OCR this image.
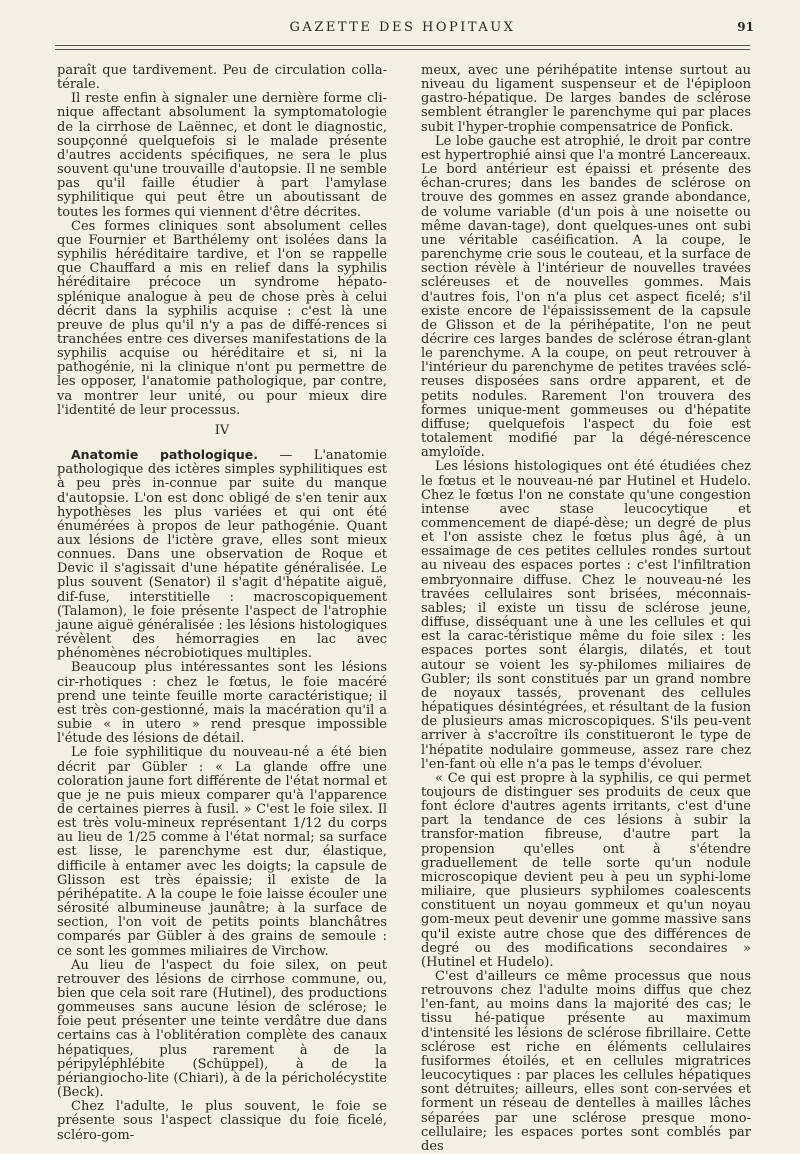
GAZETTE DES HOPITAUX	91

paraît que tardivement. Peu de circulation colla-térale.

Il reste enfin à signaler une dernière forme cli-nique affectant absolument la symptomatologie de la cirrhose de Laënnec, et dont le diagnostic, soupçonné quelquefois si le malade présente d'autres accidents spécifiques, ne sera le plus souvent qu'une trouvaille d'autopsie. Il ne semble pas qu'il faille étudier à part l'amylase syphilitique qui peut être un aboutissant de toutes les formes qui viennent d'être décrites.

Ces formes cliniques sont absolument celles que Fournier et Barthélemy ont isolées dans la syphilis héréditaire tardive, et l'on se rappelle que Chauffard a mis en relief dans la syphilis héréditaire précoce un syndrome hépato-splénique analogue à peu de chose près à celui décrit dans la syphilis acquise : c'est là une preuve de plus qu'il n'y a pas de diffé-rences si tranchées entre ces diverses manifestations de la syphilis acquise ou héréditaire et si, ni la pathogénie, ni la clinique n'ont pu permettre de les opposer, l'anatomie pathologique, par contre, va montrer leur unité, ou pour mieux dire l'identité de leur processus.

IV

Anatomie pathologique. — L'anatomie pathologique des ictères simples syphilitiques est à peu près in-connue par suite du manque d'autopsie. L'on est donc obligé de s'en tenir aux hypothèses les plus variées et qui ont été énumérées à propos de leur pathogénie. Quant aux lésions de l'ictère grave, elles sont mieux connues. Dans une observation de Roque et Devic il s'agissait d'une hépatite généralisée. Le plus souvent (Senator) il s'agit d'hépatite aiguë, dif-fuse, interstitielle : macroscopiquement (Talamon), le foie présente l'aspect de l'atrophie jaune aiguë généralisée : les lésions histologiques révèlent des hémorragies en lac avec phénomènes nécrobiotiques multiples.

Beaucoup plus intéressantes sont les lésions cir-rhotiques : chez le fœtus, le foie macéré prend une teinte feuille morte caractéristique; il est très con-gestionné, mais la macération qu'il a subie « in utero » rend presque impossible l'étude des lésions de détail.

Le foie syphilitique du nouveau-né a été bien décrit par Gübler : « La glande offre une coloration jaune fort différente de l'état normal et que je ne puis mieux comparer qu'à l'apparence de certaines pierres à fusil. » C'est le foie silex. Il est très volu-mineux représentant 1/12 du corps au lieu de 1/25 comme à l'état normal; sa surface est lisse, le parenchyme est dur, élastique, difficile à entamer avec les doigts; la capsule de Glisson est très épaissie; il existe de la périhépatite. A la coupe le foie laisse écouler une sérosité albumineuse jaunâtre; à la surface de section, l'on voit de petits points blanchâtres comparés par Gübler à des grains de semoule : ce sont les gommes miliaires de Virchow.

Au lieu de l'aspect du foie silex, on peut retrouver des lésions de cirrhose commune, ou, bien que cela soit rare (Hutinel), des productions gommeuses sans aucune lésion de sclérose; le foie peut présenter une teinte verdâtre due dans certains cas à l'oblitération complète des canaux hépatiques, plus rarement à de la péripyléphlébite (Schüppel), à de la périangiocho-lite (Chiari), à de la péricholécystite (Beck).

Chez l'adulte, le plus souvent, le foie se présente sous l'aspect classique du foie ficelé, scléro-gom-

meux, avec une périhépatite intense surtout au niveau du ligament suspenseur et de l'épiploon gastro-hépatique. De larges bandes de sclérose semblent étrangler le parenchyme qui par places subit l'hyper-trophie compensatrice de Ponfick.

Le lobe gauche est atrophié, le droit par contre est hypertrophié ainsi que l'a montré Lancereaux. Le bord antérieur est épaissi et présente des échan-crures; dans les bandes de sclérose on trouve des gommes en assez grande abondance, de volume variable (d'un pois à une noisette ou même davan-tage), dont quelques-unes ont subi une véritable caséification. A la coupe, le parenchyme crie sous le couteau, et la surface de section révèle à l'intérieur de nouvelles travées scléreuses et de nouvelles gommes. Mais d'autres fois, l'on n'a plus cet aspect ficelé; s'il existe encore de l'épaississement de la capsule de Glisson et de la périhépatite, l'on ne peut décrire ces larges bandes de sclérose étran-glant le parenchyme. A la coupe, on peut retrouver à l'intérieur du parenchyme de petites travées sclé-reuses disposées sans ordre apparent, et de petits nodules. Rarement l'on trouvera des formes unique-ment gommeuses ou d'hépatite diffuse; quelquefois l'aspect du foie est totalement modifié par la dégé-nérescence amyloïde.

Les lésions histologiques ont été étudiées chez le fœtus et le nouveau-né par Hutinel et Hudelo. Chez le fœtus l'on ne constate qu'une congestion intense avec stase leucocytique et commencement de diapé-dèse; un degré de plus et l'on assiste chez le fœtus plus âgé, à un essaimage de ces petites cellules rondes surtout au niveau des espaces portes : c'est l'infiltration embryonnaire diffuse. Chez le nouveau-né les travées cellulaires sont brisées, méconnais-sables; il existe un tissu de sclérose jeune, diffuse, disséquant une à une les cellules et qui est la carac-téristique même du foie silex : les espaces portes sont élargis, dilatés, et tout autour se voient les sy-philomes miliaires de Gubler; ils sont constitués par un grand nombre de noyaux tassés, provenant des cellules hépatiques désintégrées, et résultant de la fusion de plusieurs amas microscopiques. S'ils peu-vent arriver à s'accroître ils constitueront le type de l'hépatite nodulaire gommeuse, assez rare chez l'en-fant où elle n'a pas le temps d'évoluer.

« Ce qui est propre à la syphilis, ce qui permet toujours de distinguer ses produits de ceux que font éclore d'autres agents irritants, c'est d'une part la tendance de ces lésions à subir la transfor-mation fibreuse, d'autre part la propension qu'elles ont à s'étendre graduellement de telle sorte qu'un nodule microscopique devient peu à peu un syphi-lome miliaire, que plusieurs syphilomes coalescents constituent un noyau gommeux et qu'un noyau gom-meux peut devenir une gomme massive sans qu'il existe autre chose que des différences de degré ou des modifications secondaires » (Hutinel et Hudelo).

C'est d'ailleurs ce même processus que nous retrouvons chez l'adulte moins diffus que chez l'en-fant, au moins dans la majorité des cas; le tissu hé-patique présente au maximum d'intensité les lésions de sclérose fibrillaire. Cette sclérose est riche en éléments cellulaires fusiformes étoilés, et en cellules migratrices leucocytiques : par places les cellules hépatiques sont détruites; ailleurs, elles sont con-servées et forment un réseau de dentelles à mailles lâches séparées par une sclérose presque mono-cellulaire; les espaces portes sont comblés par des
